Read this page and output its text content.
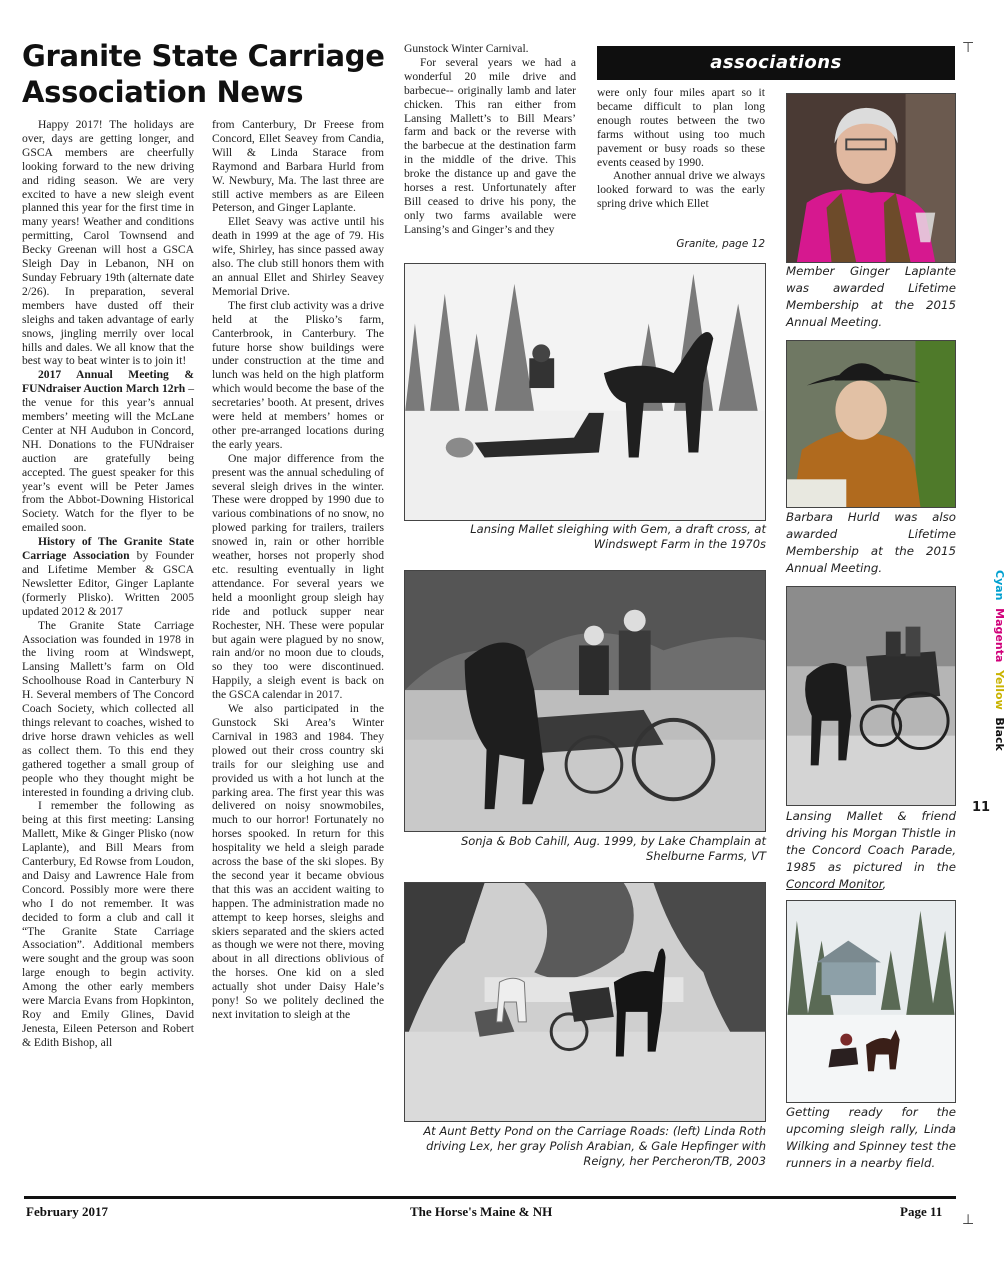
Granite State Carriage Association News

Happy 2017! The holidays are over, days are getting longer, and GSCA members are cheerfully looking forward to the new driving and riding season. We are very excited to have a new sleigh event planned this year for the first time in many years! Weather and conditions permitting, Carol Townsend and Becky Greenan will host a GSCA Sleigh Day in Lebanon, NH on Sunday February 19th (alternate date 2/26). In preparation, several members have dusted off their sleighs and taken advantage of early snows, jingling merrily over local hills and dales. We all know that the best way to beat winter is to join it!

2017 Annual Meeting & FUNdraiser Auction March 12rh – the venue for this year’s annual members’ meeting will the McLane Center at NH Audubon in Concord, NH. Donations to the FUNdraiser auction are gratefully being accepted. The guest speaker for this year’s event will be Peter James from the Abbot-Downing Historical Society. Watch for the flyer to be emailed soon.

History of The Granite State Carriage Association by Founder and Lifetime Member & GSCA Newsletter Editor, Ginger Laplante (formerly Plisko). Written 2005 updated 2012 & 2017

The Granite State Carriage Association was founded in 1978 in the living room at Windswept, Lansing Mallett’s farm on Old Schoolhouse Road in Canterbury N H. Several members of The Concord Coach Society, which collected all things relevant to coaches, wished to drive horse drawn vehicles as well as collect them. To this end they gathered together a small group of people who they thought might be interested in founding a driving club.

I remember the following as being at this first meeting: Lansing Mallett, Mike & Ginger Plisko (now Laplante), and Bill Mears from Canterbury, Ed Rowse from Loudon, and Daisy and Lawrence Hale from Concord. Possibly more were there who I do not remember. It was decided to form a club and call it “The Granite State Carriage Association”. Additional members were sought and the group was soon large enough to begin activity. Among the other early members were Marcia Evans from Hopkinton, Roy and Emily Glines, David Jenesta, Eileen Peterson and Robert & Edith Bishop, all

from Canterbury, Dr Freese from Concord, Ellet Seavey from Candia, Will & Linda Starace from Raymond and Barbara Hurld from W. Newbury, Ma. The last three are still active members as are Eileen Peterson, and Ginger Laplante.

Ellet Seavy was active until his death in 1999 at the age of 79. His wife, Shirley, has since passed away also. The club still honors them with an annual Ellet and Shirley Seavey Memorial Drive.

The first club activity was a drive held at the Plisko’s farm, Canterbrook, in Canterbury. The future horse show buildings were under construction at the time and lunch was held on the high platform which would become the base of the secretaries’ booth. At present, drives were held at members’ homes or other pre-arranged locations during the early years.

One major difference from the present was the annual scheduling of several sleigh drives in the winter. These were dropped by 1990 due to various combinations of no snow, no plowed parking for trailers, trailers snowed in, rain or other horrible weather, horses not properly shod etc. resulting eventually in light attendance. For several years we held a moonlight group sleigh hay ride and potluck supper near Rochester, NH. These were popular but again were plagued by no snow, rain and/or no moon due to clouds, so they too were discontinued. Happily, a sleigh event is back on the GSCA calendar in 2017.

We also participated in the Gunstock Ski Area’s Winter Carnival in 1983 and 1984. They plowed out their cross country ski trails for our sleighing use and provided us with a hot lunch at the parking area. The first year this was delivered on noisy snowmobiles, much to our horror! Fortunately no horses spooked. In return for this hospitality we held a sleigh parade across the base of the ski slopes. By the second year it became obvious that this was an accident waiting to happen. The administration made no attempt to keep horses, sleighs and skiers separated and the skiers acted as though we were not there, moving about in all directions oblivious of the horses. One kid on a sled actually shot under Daisy Hale’s pony! So we politely declined the next invitation to sleigh at the

Gunstock Winter Carnival.

For several years we had a wonderful 20 mile drive and barbecue-- originally lamb and later chicken. This ran either from Lansing Mallett’s to Bill Mears’ farm and back or the reverse with the barbecue at the destination farm in the middle of the drive. This broke the distance up and gave the horses a rest. Unfortunately after Bill ceased to drive his pony, the only two farms available were Lansing’s and Ginger’s and they

associations

were only four miles apart so it became difficult to plan long enough routes between the two farms without using too much pavement or busy roads so these events ceased by 1990.

Another annual drive we always looked forward to was the early spring drive which Ellet

Granite, page 12
Lansing Mallet sleighing with Gem, a draft cross, at Windswept Farm in the 1970s
Sonja & Bob Cahill, Aug. 1999, by Lake Champlain at Shelburne Farms, VT
At Aunt Betty Pond on the Carriage Roads: (left) Linda Roth driving Lex, her gray Polish Arabian, & Gale Hepfinger with Reigny, her Percheron/TB, 2003
Member Ginger Laplante was awarded Lifetime Membership at the 2015 Annual Meeting.
Barbara Hurld was also awarded Lifetime Membership at the 2015 Annual Meeting.
Lansing Mallet & friend driving his Morgan Thistle in the Concord Coach Parade, 1985 as pictured in the Concord Monitor,
Getting ready for the upcoming sleigh rally, Linda Wilking and Spinney test the runners in a nearby field.
⊤
⊥
Cyan  Magenta  Yellow  Black
11
February 2017	The Horse's Maine & NH	Page 11
